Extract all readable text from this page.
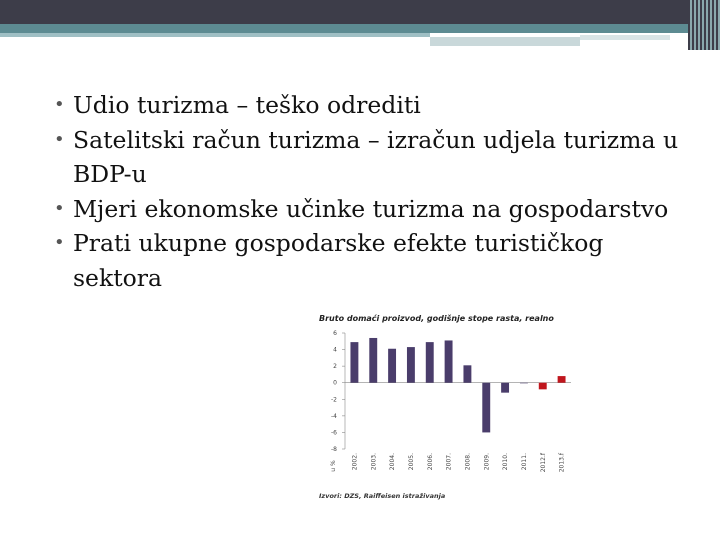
• Udio turizma – teško odrediti
• Satelitski račun turizma – izračun udjela turizma u BDP-u
• Mjeri ekonomske učinke turizma na gospodarstvo
• Prati ukupne gospodarske efekte turističkog sektora
Bruto domaći proizvod, godišnje stope rasta, realno
6
4
2
0
-2
-4
-6
-8
u % 2002. 2003. 2004. 2005. 2006. 2007. 2008. 2009. 2010. 2011. 2012.f 2013.f
Izvori: DZS, Raiffeisen istraživanja
